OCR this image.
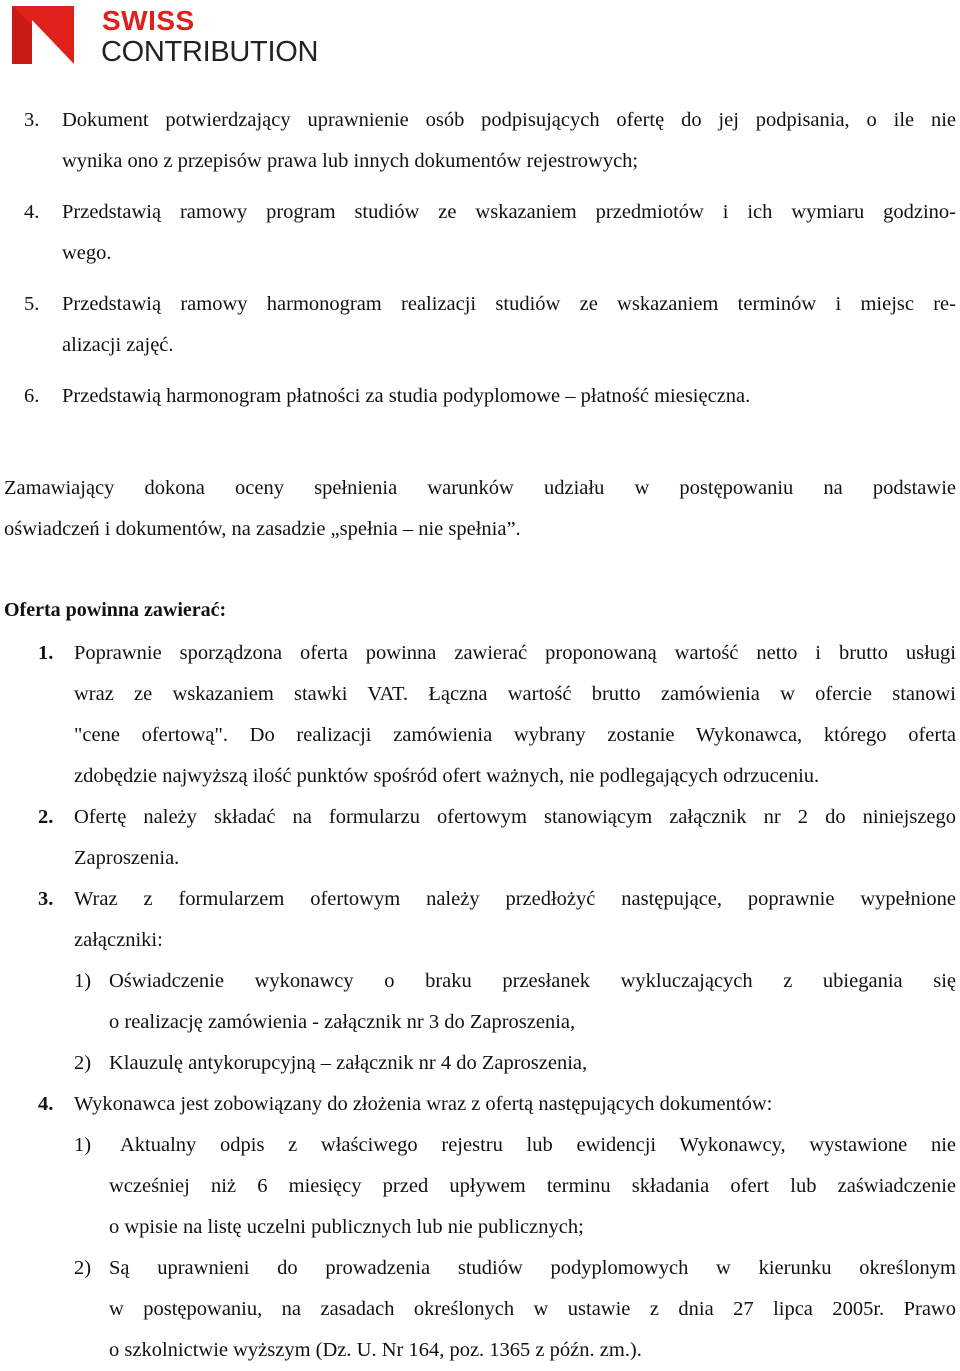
SWISS
CONTRIBUTION
3. Dokument potwierdzający uprawnienie osób podpisujących ofertę do jej podpisania, o ile nie
wynika ono z przepisów prawa lub innych dokumentów rejestrowych;
4. Przedstawią ramowy program studiów ze wskazaniem przedmiotów i ich wymiaru godzino-
wego.
5. Przedstawią ramowy harmonogram realizacji studiów ze wskazaniem terminów i miejsc re-
alizacji zajęć.
6. Przedstawią harmonogram płatności za studia podyplomowe – płatność miesięczna.
Zamawiający dokona oceny spełnienia warunków udziału w postępowaniu na podstawie
oświadczeń i dokumentów, na zasadzie „spełnia – nie spełnia”.
Oferta powinna zawierać:
1. Poprawnie sporządzona oferta powinna zawierać proponowaną wartość netto i brutto usługi
wraz ze wskazaniem stawki VAT. Łączna wartość brutto zamówienia w ofercie stanowi
"cene ofertową". Do realizacji zamówienia wybrany zostanie Wykonawca, którego oferta
zdobędzie najwyższą ilość punktów spośród ofert ważnych, nie podlegających odrzuceniu.
2. Ofertę należy składać na formularzu ofertowym stanowiącym załącznik nr 2 do niniejszego
Zaproszenia.
3. Wraz z formularzem ofertowym należy przedłożyć następujące, poprawnie wypełnione
załączniki:
1) Oświadczenie wykonawcy o braku przesłanek wykluczających z ubiegania się
o realizację zamówienia - załącznik nr 3 do Zaproszenia,
2) Klauzulę antykorupcyjną – załącznik nr 4 do Zaproszenia,
4. Wykonawca jest zobowiązany do złożenia wraz z ofertą następujących dokumentów:
1) Aktualny odpis z właściwego rejestru lub ewidencji Wykonawcy, wystawione nie
wcześniej niż 6 miesięcy przed upływem terminu składania ofert lub zaświadczenie
o wpisie na listę uczelni publicznych lub nie publicznych;
2) Są uprawnieni do prowadzenia studiów podyplomowych w kierunku określonym
w postępowaniu, na zasadach określonych w ustawie z dnia 27 lipca 2005r. Prawo
o szkolnictwie wyższym (Dz. U. Nr 164, poz. 1365 z późn. zm.).
